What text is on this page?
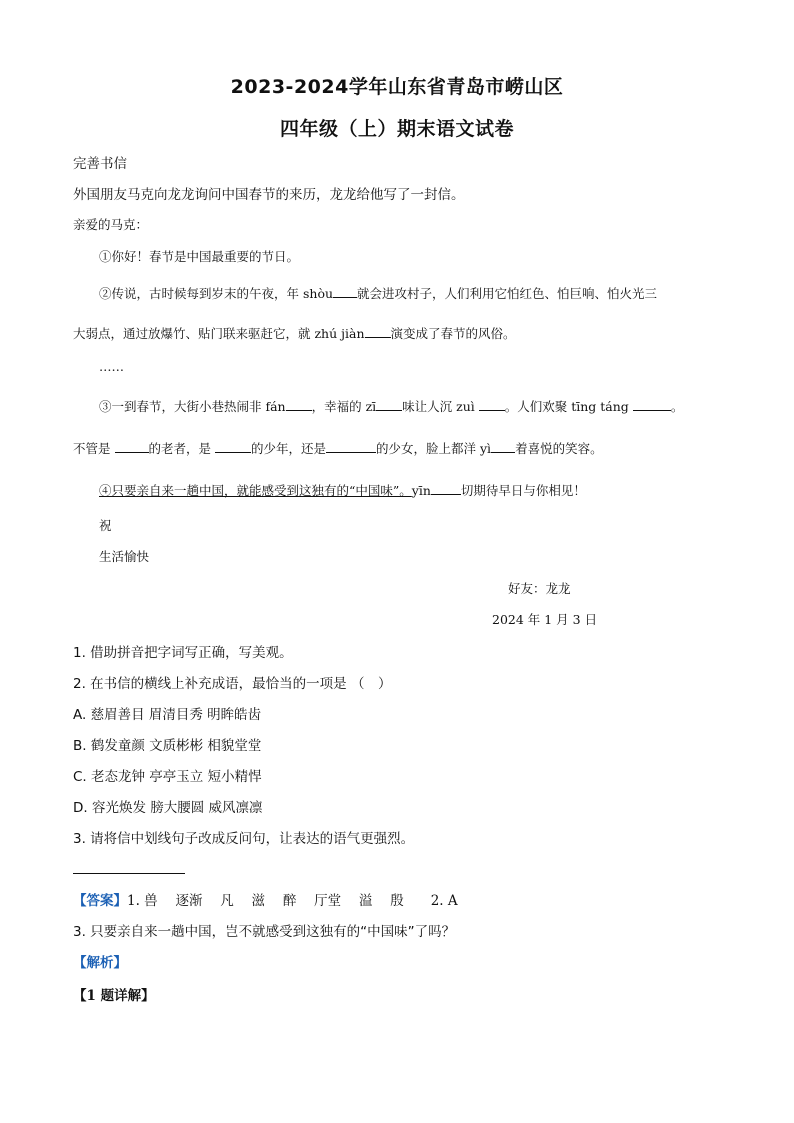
2023-2024学年山东省青岛市崂山区
四年级（上）期末语文试卷
完善书信
外国朋友马克向龙龙询问中国春节的来历，龙龙给他写了一封信。
亲爱的马克：
①你好！春节是中国最重要的节日。
②传说，古时候每到岁末的午夜，年 shòu 就会进攻村子，人们利用它怕红色、怕巨响、怕火光三
大弱点，通过放爆竹、贴门联来驱赶它，就 zhú jiàn 演变成了春节的风俗。
……
③一到春节，大街小巷热闹非 fán ，幸福的 zī 味让人沉 zuì 。人们欢聚 tīng táng	。
不管是	的老者，是	的少年，还是	的少女，脸上都洋 yì 着喜悦的笑容。
④只要亲自来一趟中国，就能感受到这独有的“中国味”。yīn 切期待早日与你相见！
祝
生活愉快
好友：龙龙
2024 年 1 月 3 日
1. 借助拼音把字词写正确，写美观。
2. 在书信的横线上补充成语，最恰当的一项是 （　）
A. 慈眉善目 眉清目秀 明眸皓齿
B. 鹤发童颜 文质彬彬 相貌堂堂
C. 老态龙钟 亭亭玉立 短小精悍
D. 容光焕发 膀大腰圆 威风凛凛
3. 请将信中划线句子改成反问句，让表达的语气更强烈。
【答案】1. 兽　 逐渐　 凡　 滋　 醉　 厅堂　 溢　 殷　　2. A
3. 只要亲自来一趟中国，岂不就感受到这独有的“中国味”了吗？
【解析】
【1 题详解】
